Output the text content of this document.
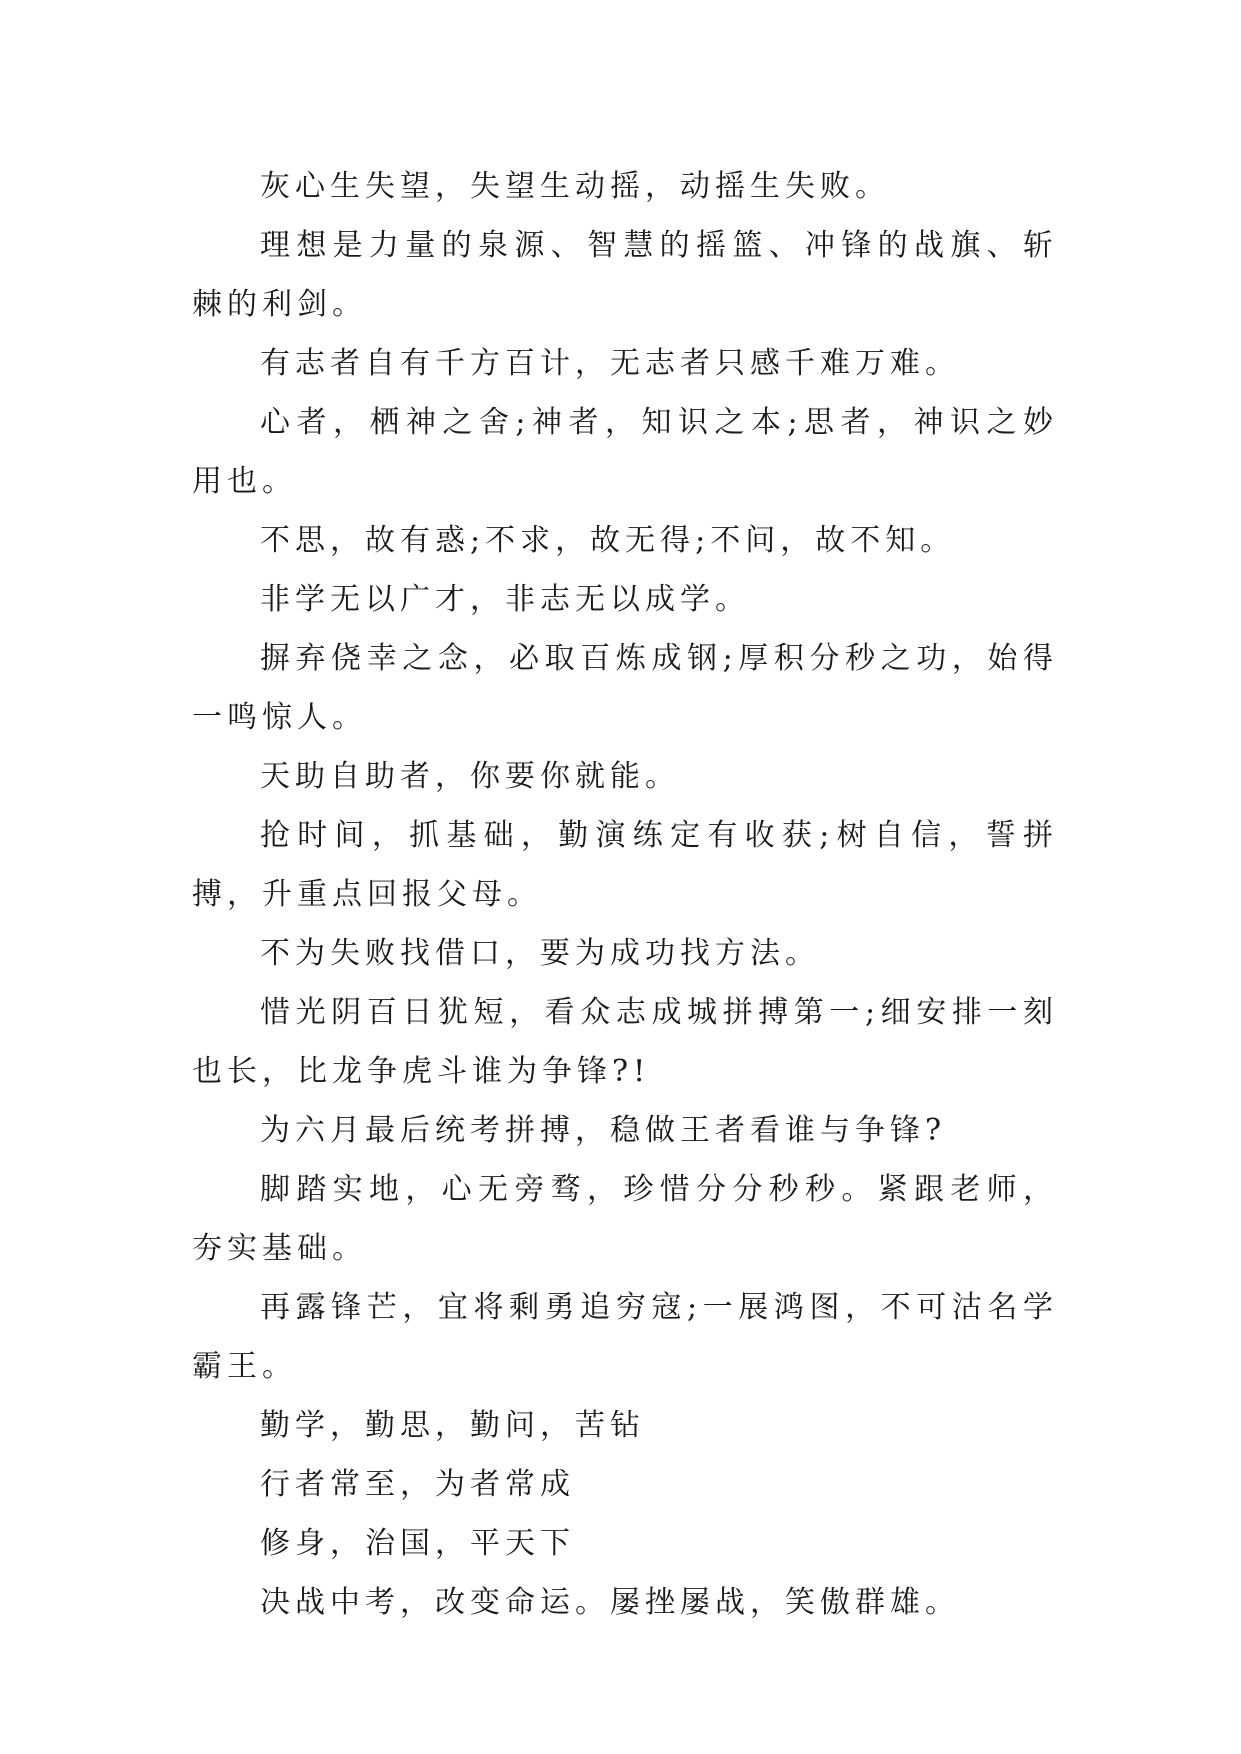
灰心生失望，失望生动摇，动摇生失败。

理想是力量的泉源、智慧的摇篮、冲锋的战旗、斩棘的利剑。

有志者自有千方百计，无志者只感千难万难。

心者，栖神之舍;神者，知识之本;思者，神识之妙用也。

不思，故有惑;不求，故无得;不问，故不知。

非学无以广才，非志无以成学。

摒弃侥幸之念，必取百炼成钢;厚积分秒之功，始得一鸣惊人。

天助自助者，你要你就能。

抢时间，抓基础，勤演练定有收获;树自信，誓拼搏，升重点回报父母。

不为失败找借口，要为成功找方法。

惜光阴百日犹短，看众志成城拼搏第一;细安排一刻也长，比龙争虎斗谁为争锋?!

为六月最后统考拼搏，稳做王者看谁与争锋?

脚踏实地，心无旁骛，珍惜分分秒秒。紧跟老师，夯实基础。

再露锋芒，宜将剩勇追穷寇;一展鸿图，不可沽名学霸王。

勤学，勤思，勤问，苦钻

行者常至，为者常成

修身，治国，平天下

决战中考，改变命运。屡挫屡战，笑傲群雄。
